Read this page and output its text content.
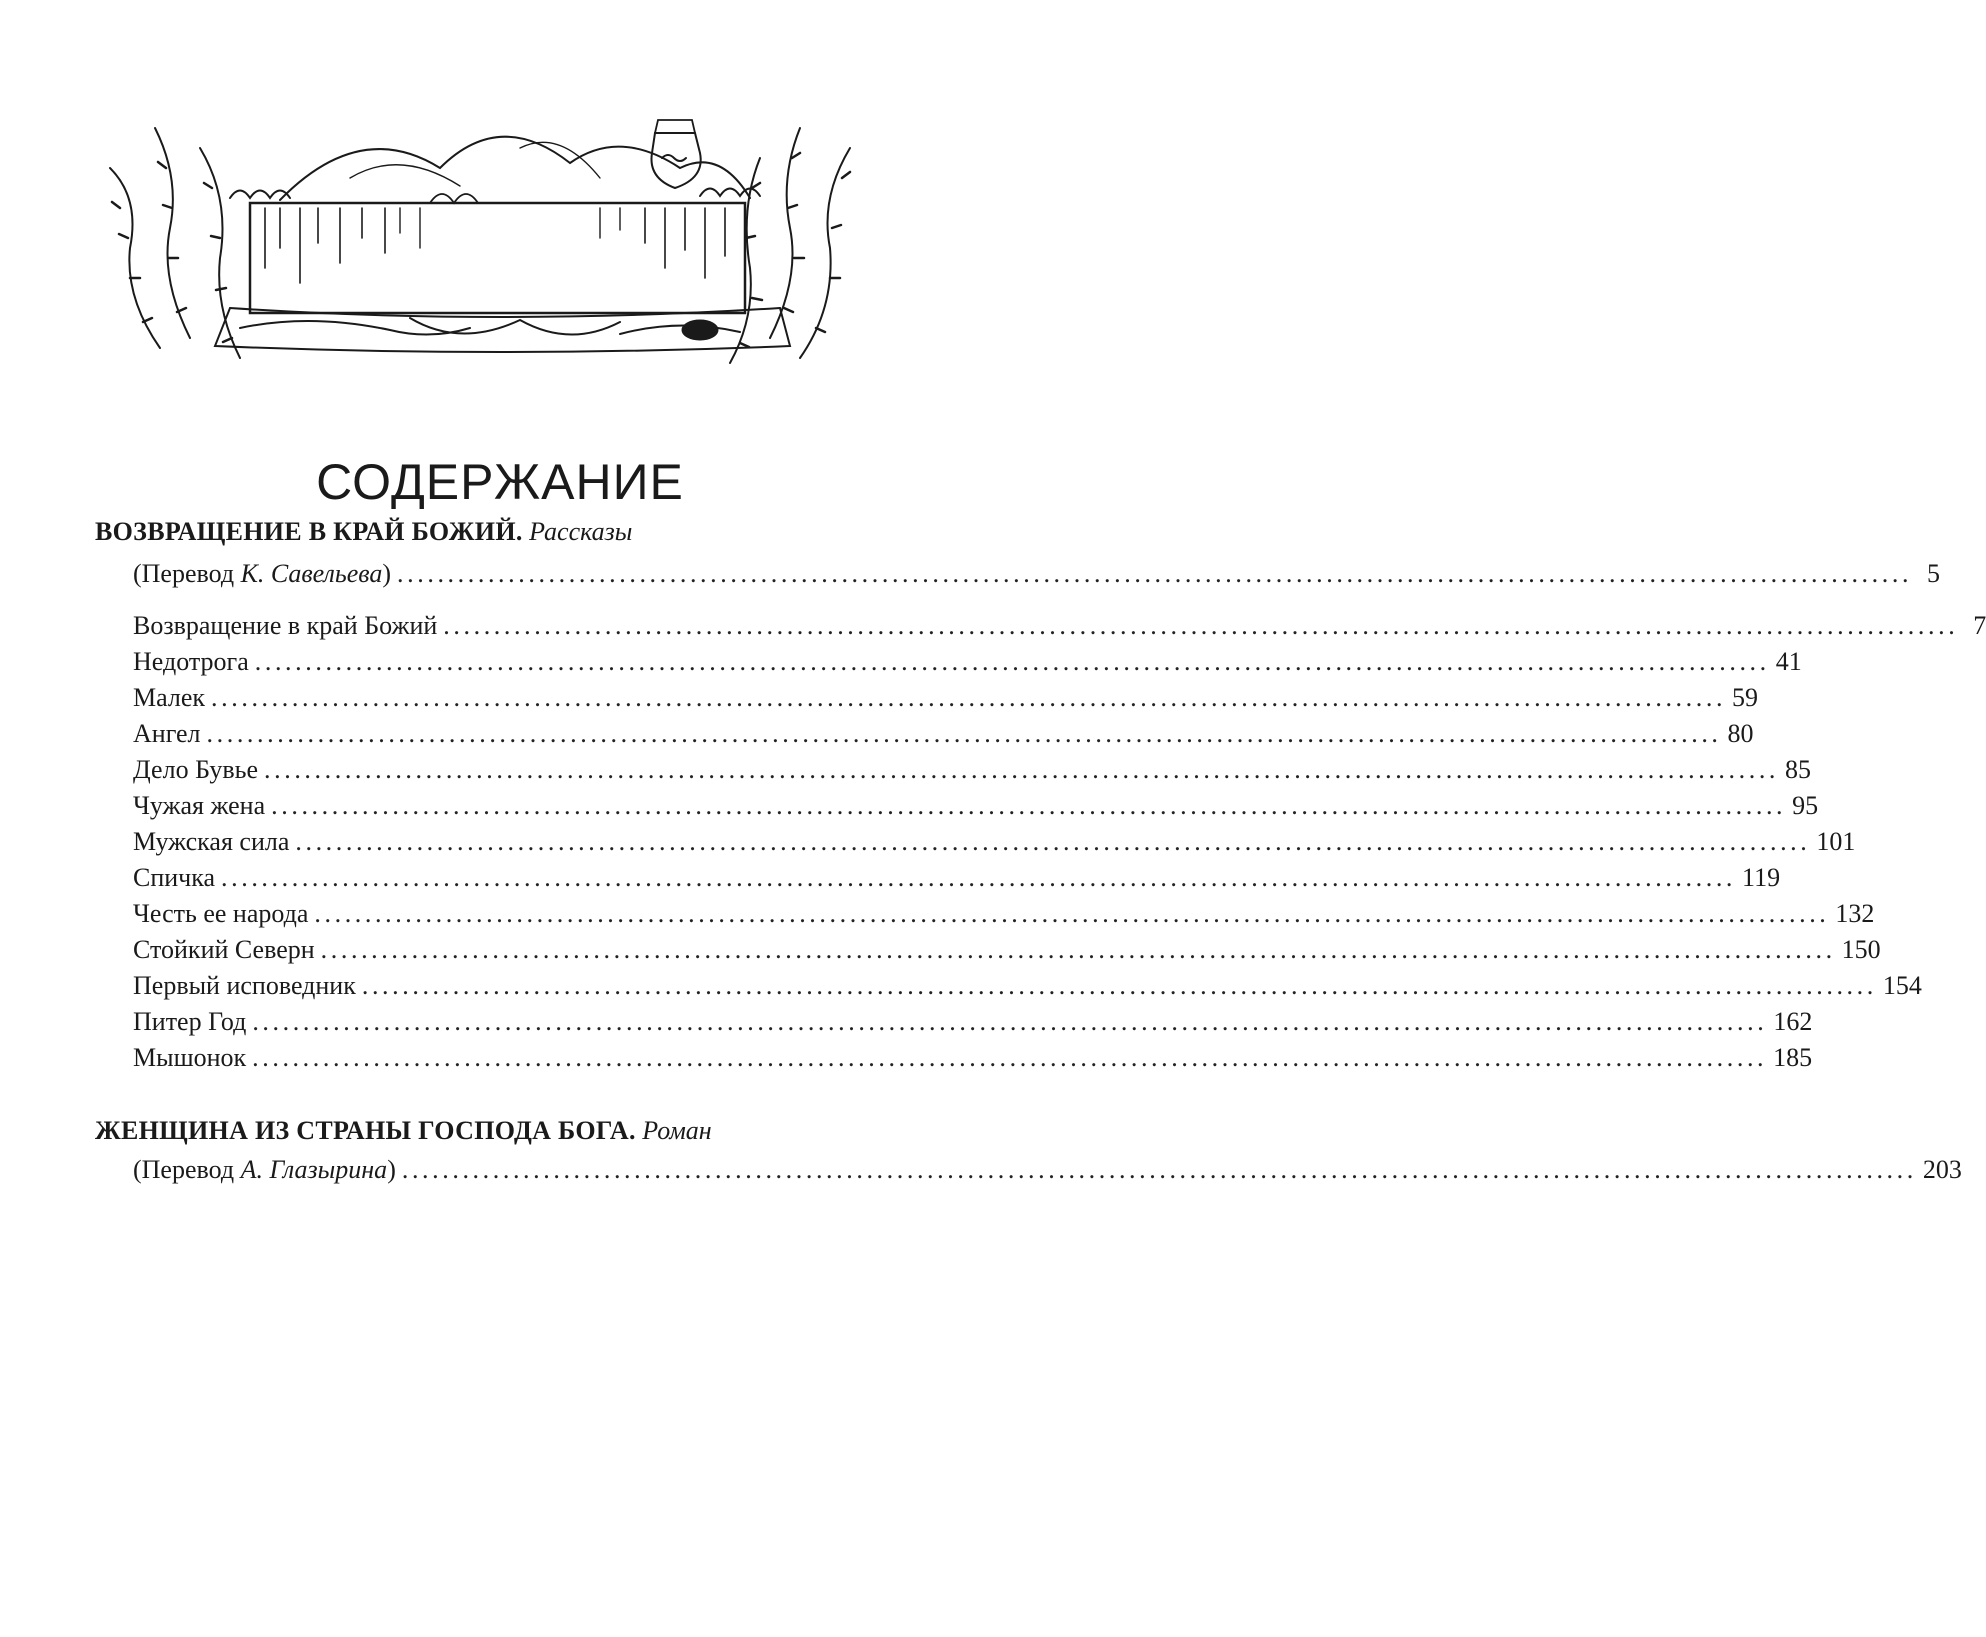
СОДЕРЖАНИЕ
ВОЗВРАЩЕНИЕ В КРАЙ БОЖИЙ. Рассказы
(Перевод К. Савельева) ...................................................................................................................................................... 5
Возвращение в край Божий ...................................................................................................................................................... 7
Недотрога ...................................................................................................................................................... 41
Малек ...................................................................................................................................................... 59
Ангел ...................................................................................................................................................... 80
Дело Бувье ...................................................................................................................................................... 85
Чужая жена ...................................................................................................................................................... 95
Мужская сила ...................................................................................................................................................... 101
Спичка ...................................................................................................................................................... 119
Честь ее народа ...................................................................................................................................................... 132
Стойкий Северн ...................................................................................................................................................... 150
Первый исповедник ...................................................................................................................................................... 154
Питер Год ...................................................................................................................................................... 162
Мышонок ...................................................................................................................................................... 185
ЖЕНЩИНА ИЗ СТРАНЫ ГОСПОДА БОГА. Роман
(Перевод А. Глазырина) ...................................................................................................................................................... 203
